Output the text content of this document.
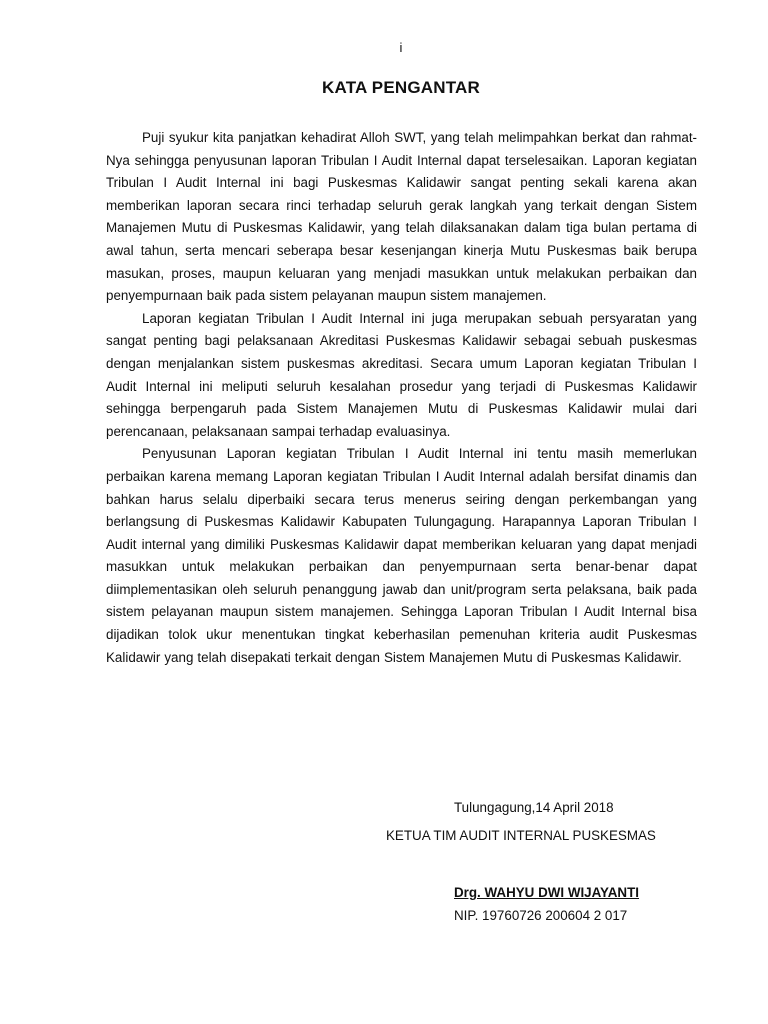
i
KATA PENGANTAR

Puji syukur kita panjatkan kehadirat Alloh SWT, yang telah melimpahkan berkat dan rahmat-Nya sehingga penyusunan laporan Tribulan I Audit Internal dapat terselesaikan. Laporan kegiatan Tribulan I Audit Internal ini bagi Puskesmas Kalidawir sangat penting sekali karena akan memberikan laporan secara rinci terhadap seluruh gerak langkah yang terkait dengan Sistem Manajemen Mutu di Puskesmas Kalidawir, yang telah dilaksanakan dalam tiga bulan pertama di awal tahun, serta mencari seberapa besar kesenjangan kinerja Mutu Puskesmas baik berupa masukan, proses, maupun keluaran yang menjadi masukkan untuk melakukan perbaikan dan penyempurnaan baik pada sistem pelayanan maupun sistem manajemen.

Laporan kegiatan Tribulan I Audit Internal ini juga merupakan sebuah persyaratan yang sangat penting bagi pelaksanaan Akreditasi Puskesmas Kalidawir sebagai sebuah puskesmas dengan menjalankan sistem puskesmas akreditasi. Secara umum Laporan kegiatan Tribulan I Audit Internal ini meliputi seluruh kesalahan prosedur yang terjadi di Puskesmas Kalidawir sehingga berpengaruh pada Sistem Manajemen Mutu di Puskesmas Kalidawir mulai dari perencanaan, pelaksanaan sampai terhadap evaluasinya.

Penyusunan Laporan kegiatan Tribulan I Audit Internal ini tentu masih memerlukan perbaikan karena memang Laporan kegiatan Tribulan I Audit Internal adalah bersifat dinamis dan bahkan harus selalu diperbaiki secara terus menerus seiring dengan perkembangan yang berlangsung di Puskesmas Kalidawir Kabupaten Tulungagung. Harapannya Laporan Tribulan I Audit internal yang dimiliki Puskesmas Kalidawir dapat memberikan keluaran yang dapat menjadi masukkan untuk melakukan perbaikan dan penyempurnaan serta benar-benar dapat diimplementasikan oleh seluruh penanggung jawab dan unit/program serta pelaksana, baik pada sistem pelayanan maupun sistem manajemen. Sehingga Laporan Tribulan I Audit Internal bisa dijadikan tolok ukur menentukan tingkat keberhasilan pemenuhan kriteria audit Puskesmas Kalidawir yang telah disepakati terkait dengan Sistem Manajemen Mutu di Puskesmas Kalidawir.

Tulungagung,14 April 2018
KETUA TIM AUDIT INTERNAL PUSKESMAS
Drg. WAHYU DWI WIJAYANTI
NIP. 19760726 200604 2 017
